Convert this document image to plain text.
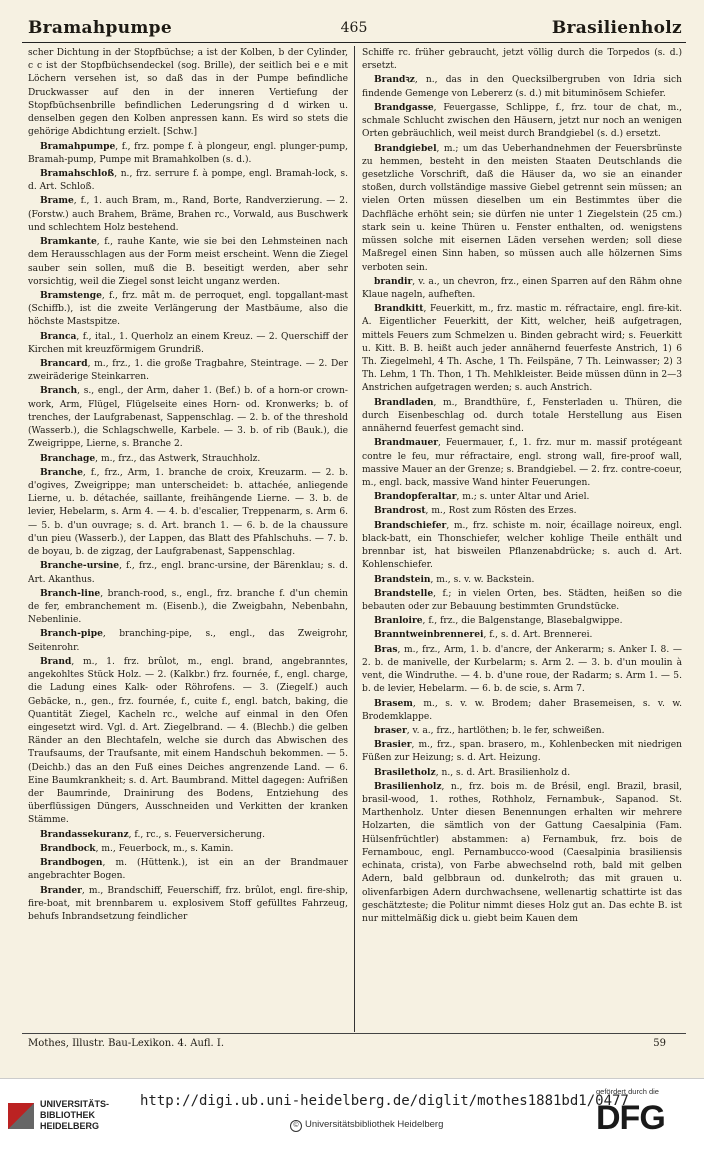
Bramahpumpe	465	Brasilienholz

scher Dichtung in der Stopfbüchse; a ist der Kolben, b der Cylinder, c c ist der Stopfbüchsendeckel (sog. Brille), der seitlich bei e e mit Löchern versehen ist, so daß das in der Pumpe befindliche Druckwasser auf den in der inneren Vertiefung der Stopfbüchsenbrille befindlichen Lederungsring d d wirken u. denselben gegen den Kolben anpressen kann. Es wird so stets die gehörige Abdichtung erzielt. [Schw.]

Bramahpumpe, f., frz. pompe f. à plongeur, engl. plunger-pump, Bramah-pump, Pumpe mit Bramahkolben (s. d.).

Bramahschloß, n., frz. serrure f. à pompe, engl. Bramah-lock, s. d. Art. Schloß.

Brame, f., 1. auch Bram, m., Rand, Borte, Randverzierung. — 2. (Forstw.) auch Brahem, Bräme, Brahen rc., Vorwald, aus Buschwerk und schlechtem Holz bestehend.

Bramkante, f., rauhe Kante, wie sie bei den Lehmsteinen nach dem Herausschlagen aus der Form meist erscheint. Wenn die Ziegel sauber sein sollen, muß die B. beseitigt werden, aber sehr vorsichtig, weil die Ziegel sonst leicht unganz werden.

Bramstenge, f., frz. mât m. de perroquet, engl. topgallant-mast (Schiffb.), ist die zweite Verlängerung der Mastbäume, also die höchste Mastspitze.

Branca, f., ital., 1. Querholz an einem Kreuz. — 2. Querschiff der Kirchen mit kreuzförmigem Grundriß.

Brancard, m., frz., 1. die große Tragbahre, Steintrage. — 2. Der zweiräderige Steinkarren.

Branch, s., engl., der Arm, daher 1. (Bef.) b. of a horn-or crown-work, Arm, Flügel, Flügelseite eines Horn- od. Kronwerks; b. of trenches, der Laufgrabenast, Sappenschlag. — 2. b. of the threshold (Wasserb.), die Schlagschwelle, Karbele. — 3. b. of rib (Bauk.), die Zweigrippe, Lierne, s. Branche 2.

Branchage, m., frz., das Astwerk, Strauchholz.

Branche, f., frz., Arm, 1. branche de croix, Kreuzarm. — 2. b. d'ogives, Zweigrippe; man unterscheidet: b. attachée, anliegende Lierne, u. b. détachée, saillante, freihängende Lierne. — 3. b. de levier, Hebelarm, s. Arm 4. — 4. b. d'escalier, Treppenarm, s. Arm 6. — 5. b. d'un ouvrage; s. d. Art. branch 1. — 6. b. de la chaussure d'un pieu (Wasserb.), der Lappen, das Blatt des Pfahlschuhs. — 7. b. de boyau, b. de zigzag, der Laufgrabenast, Sappenschlag.

Branche-ursine, f., frz., engl. branc-ursine, der Bärenklau; s. d. Art. Akanthus.

Branch-line, branch-rood, s., engl., frz. branche f. d'un chemin de fer, embranchement m. (Eisenb.), die Zweigbahn, Nebenbahn, Nebenlinie.

Branch-pipe, branching-pipe, s., engl., das Zweigrohr, Seitenrohr.

Brand, m., 1. frz. brûlot, m., engl. brand, angebranntes, angekohltes Stück Holz. — 2. (Kalkbr.) frz. fournée, f., engl. charge, die Ladung eines Kalk- oder Röhrofens. — 3. (Ziegelf.) auch Gebäcke, n., gen., frz. fournée, f., cuite f., engl. batch, baking, die Quantität Ziegel, Kacheln rc., welche auf einmal in den Ofen eingesetzt wird. Vgl. d. Art. Ziegelbrand. — 4. (Blechb.) die gelben Ränder an den Blechtafeln, welche sie durch das Abwischen des Traufsaums, der Traufsante, mit einem Handschuh bekommen. — 5. (Deichb.) das an den Fuß eines Deiches angrenzende Land. — 6. Eine Baumkrankheit; s. d. Art. Baumbrand. Mittel dagegen: Aufrißen der Baumrinde, Drainirung des Bodens, Entziehung des überflüssigen Düngers, Ausschneiden und Verkitten der kranken Stämme.

Brandassekuranz, f., rc., s. Feuerversicherung.

Brandbock, m., Feuerbock, m., s. Kamin.

Brandbogen, m. (Hüttenk.), ist ein an der Brandmauer angebrachter Bogen.

Brander, m., Brandschiff, Feuerschiff, frz. brûlot, engl. fire-ship, fire-boat, mit brennbarem u. explosivem Stoff gefülltes Fahrzeug, behufs Inbrandsetzung feindlicher

Schiffe rc. früher gebraucht, jetzt völlig durch die Torpedos (s. d.) ersetzt.

Brandꝛz, n., das in den Quecksilbergruben von Idria sich findende Gemenge von Lebererz (s. d.) mit bituminösem Schiefer.

Brandgasse, Feuergasse, Schlippe, f., frz. tour de chat, m., schmale Schlucht zwischen den Häusern, jetzt nur noch an wenigen Orten gebräuchlich, weil meist durch Brandgiebel (s. d.) ersetzt.

Brandgiebel, m.; um das Ueberhandnehmen der Feuersbrünste zu hemmen, besteht in den meisten Staaten Deutschlands die gesetzliche Vorschrift, daß die Häuser da, wo sie an einander stoßen, durch vollständige massive Giebel getrennt sein müssen; an vielen Orten müssen dieselben um ein Bestimmtes über die Dachfläche erhöht sein; sie dürfen nie unter 1 Ziegelstein (25 cm.) stark sein u. keine Thüren u. Fenster enthalten, od. wenigstens müssen solche mit eisernen Läden versehen werden; soll diese Maßregel einen Sinn haben, so müssen auch alle hölzernen Sims verboten sein.

brandir, v. a., un chevron, frz., einen Sparren auf den Rähm ohne Klaue nageln, aufheften.

Brandkitt, Feuerkitt, m., frz. mastic m. réfractaire, engl. fire-kit. A. Eigentlicher Feuerkitt, der Kitt, welcher, heiß aufgetragen, mittels Feuers zum Schmelzen u. Binden gebracht wird; s. Feuerkitt u. Kitt. B. B. heißt auch jeder annähernd feuerfeste Anstrich, 1) 6 Th. Ziegelmehl, 4 Th. Asche, 1 Th. Feilspäne, 7 Th. Leinwasser; 2) 3 Th. Lehm, 1 Th. Thon, 1 Th. Mehlkleister. Beide müssen dünn in 2—3 Anstrichen aufgetragen werden; s. auch Anstrich.

Brandladen, m., Brandthüre, f., Fensterladen u. Thüren, die durch Eisenbeschlag od. durch totale Herstellung aus Eisen annähernd feuerfest gemacht sind.

Brandmauer, Feuermauer, f., 1. frz. mur m. massif protégeant contre le feu, mur réfractaire, engl. strong wall, fire-proof wall, massive Mauer an der Grenze; s. Brandgiebel. — 2. frz. contre-coeur, m., engl. back, massive Wand hinter Feuerungen.

Brandopferaltar, m.; s. unter Altar und Ariel.

Brandrost, m., Rost zum Rösten des Erzes.

Brandschiefer, m., frz. schiste m. noir, écaillage noireux, engl. black-batt, ein Thonschiefer, welcher kohlige Theile enthält und brennbar ist, hat bisweilen Pflanzenabdrücke; s. auch d. Art. Kohlenschiefer.

Brandstein, m., s. v. w. Backstein.

Brandstelle, f.; in vielen Orten, bes. Städten, heißen so die bebauten oder zur Bebauung bestimmten Grundstücke.

Branloire, f., frz., die Balgenstange, Blasebalgwippe.

Branntweinbrennerei, f., s. d. Art. Brennerei.

Bras, m., frz., Arm, 1. b. d'ancre, der Ankerarm; s. Anker I. 8. — 2. b. de manivelle, der Kurbelarm; s. Arm 2. — 3. b. d'un moulin à vent, die Windruthe. — 4. b. d'une roue, der Radarm; s. Arm 1. — 5. b. de levier, Hebelarm. — 6. b. de scie, s. Arm 7.

Brasem, m., s. v. w. Brodem; daher Brasemeisen, s. v. w. Brodemklappe.

braser, v. a., frz., hartlöthen; b. le fer, schweißen.

Brasier, m., frz., span. brasero, m., Kohlenbecken mit niedrigen Füßen zur Heizung; s. d. Art. Heizung.

Brasiletholz, n., s. d. Art. Brasilienholz d.

Brasilienholz, n., frz. bois m. de Brésil, engl. Brazil, brasil, brasil-wood, 1. rothes, Rothholz, Fernambuk-, Sapanod. St. Marthenholz. Unter diesen Benennungen erhalten wir mehrere Holzarten, die sämtlich von der Gattung Caesalpinia (Fam. Hülsenfrüchtler) abstammen: a) Fernambuk, frz. bois de Fernambouc, engl. Pernambucco-wood (Caesalpinia brasiliensis echinata, crista), von Farbe abwechselnd roth, bald mit gelben Adern, bald gelbbraun od. dunkelroth; das mit grauen u. olivenfarbigen Adern durchwachsene, wellenartig schattirte ist das geschätzteste; die Politur nimmt dieses Holz gut an. Das echte B. ist nur mittelmäßig dick u. giebt beim Kauen dem

Mothes, Illustr. Bau-Lexikon. 4. Aufl. I.	59
UNIVERSITÄTS-
BIBLIOTHEK
HEIDELBERG
http://digi.ub.uni-heidelberg.de/diglit/mothes1881bd1/0477
© Universitätsbibliothek Heidelberg
gefördert durch die
DFG
